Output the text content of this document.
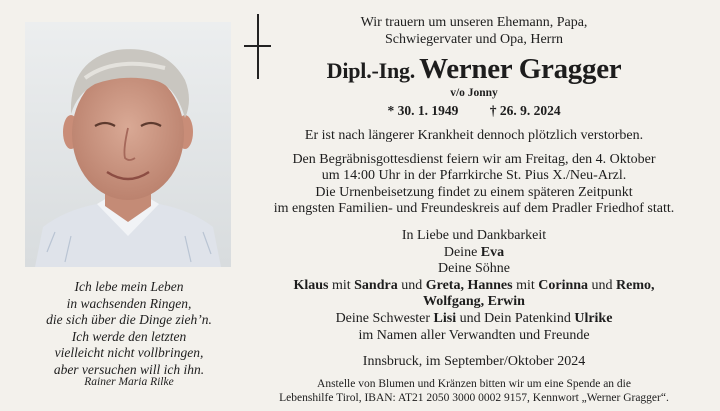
Ich lebe mein Leben
in wachsenden Ringen,
die sich über die Dinge zieh’n.
Ich werde den letzten
vielleicht nicht vollbringen,
aber versuchen will ich ihn.
Rainer Maria Rilke
Wir trauern um unseren Ehemann, Papa,
Schwiegervater und Opa, Herrn
Dipl.-Ing. Werner Gragger
v/o Jonny
* 30. 1. 1949 † 26. 9. 2024
Er ist nach längerer Krankheit dennoch plötzlich verstorben.
Den Begräbnisgottesdienst feiern wir am Freitag, den 4. Oktober
um 14:00 Uhr in der Pfarrkirche St. Pius X./Neu-Arzl.
Die Urnenbeisetzung findet zu einem späteren Zeitpunkt
im engsten Familien- und Freundeskreis auf dem Pradler Friedhof statt.
In Liebe und Dankbarkeit
Deine Eva
Deine Söhne
Klaus mit Sandra und Greta, Hannes mit Corinna und Remo,
Wolfgang, Erwin
Deine Schwester Lisi und Dein Patenkind Ulrike
im Namen aller Verwandten und Freunde
Innsbruck, im September/Oktober 2024
Anstelle von Blumen und Kränzen bitten wir um eine Spende an die
Lebenshilfe Tirol, IBAN: AT21 2050 3000 0002 9157, Kennwort „Werner Gragger“.
